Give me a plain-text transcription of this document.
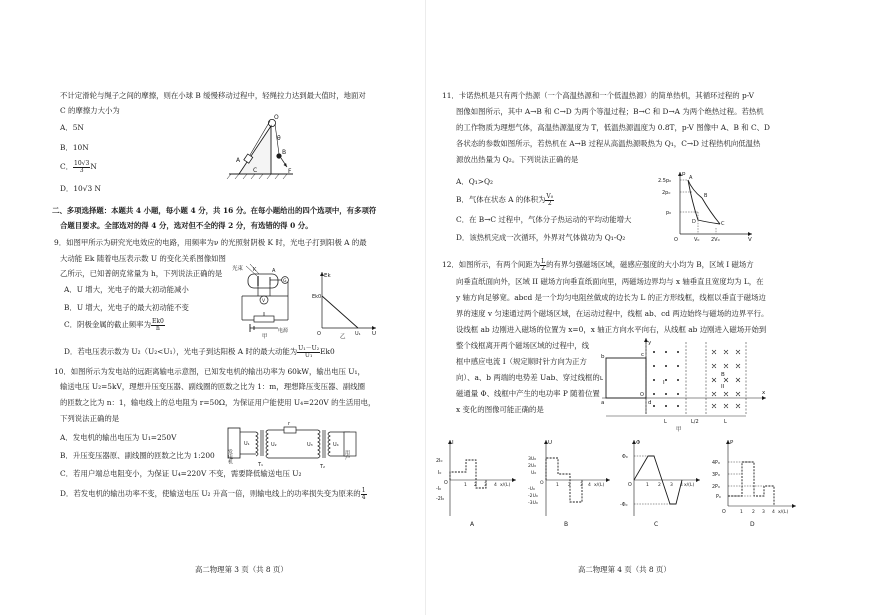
不计定滑轮与绳子之间的摩擦，则在小球 B 缓慢移动过程中，轻绳拉力达到最大值时，地面对
C 的摩擦力大小为
A．5N
B．10N
C． $\frac{10√3}{3}$ N
D．10√3 N
O
θ
B
F
A
C
二、多项选择题：本题共 4 小题，每小题 4 分，共 16 分。在每小题给出的四个选项中，有多项符
合题目要求。全部选对的得 4 分，选对但不全的得 2 分，有选错的得 0 分。
9．如图甲所示为研究光电效应的电路，用频率为ν 的光照射阴极 K 时，光电子打到阳极 A 的最
大动能 Ek 随着电压表示数 U 的变化关系图像如图
乙所示，已知普朗克常量为 h，下列说法正确的是
A．U 增大，光电子的最大初动能减小
B．U 增大，光电子的最大初动能不变
C．阴极金属的截止频率为 $\frac{Ek0}{h}$
D．若电压表示数为 U₂（U₂<U₁），光电子到达阳极 A 时的最大动能为 $\frac{\text{U₁－U₂}}{\text{U₁}} Ek0$
光束 K	A
V
G
电源
甲
Ek
Ek0
O	U₁ U
乙
10．如图所示为发电站的远距离输电示意图，已知发电机的输出功率为 60kW，输出电压 U₁，
输送电压 U₂=5kV，理想升压变压器、副线圈的匝数之比为 1：m，理想降压变压器、副线圈
的匝数之比为 n：1，输电线上的总电阻为 r=50Ω，为保证用户能使用 U₄=220V 的生活用电，
下列说法正确的是
A．发电机的输出电压为 U₁=250V
B．升压变压器原、副线圈的匝数之比为 1:200
C．若用户端总电阻变小，为保证 U₄=220V 不变，需要降低输送电压 U₂
D．若发电机的输出功率不变，使输送电压 U₂ 升高一倍，则输电线上的功率损失变为原来的 $\frac{1}{4}$
发电机
U₁
T₁
r
U₂	U₃	U₄
T₂
用户
高二物理第 3 页（共 8 页）
11．卡诺热机是只有两个热源（一个高温热源和一个低温热源）的简单热机，其循环过程的 p-V
图像如图所示，其中 A→B 和 C→D 为两个等温过程；B→C 和 D→A 为两个绝热过程。若热机
的工作物质为理想气体，高温热源温度为 T，低温热源温度为 0.8T，p-V 图像中 A、B 和 C、D
各状态的参数如图所示，若热机在 A→B 过程从高温热源吸热为 Q₁，C→D 过程热机向低温热
源放出热量为 Q₂。下列说法正确的是
A．Q₁>Q₂
B．气体在状态 A 的体积为 $\frac{\text{V₀}}{2}$
C．在 B→C 过程中，气体分子热运动的平均动能增大
D．该热机完成一次循环，外界对气体做功为 Q₁-Q₂
2.5p₀
2p₀
p₀
p
A
B
C
D
O	V₀ 2V₀	V
12．如图所示，有两个间距为 $\frac{L}{2}$ 的有界匀强磁场区域，磁感应强度的大小均为 B，区域 I 磁场方
向垂直纸面向外，区域 II 磁场方向垂直纸面向里，两磁场边界均与 x 轴垂直且宽度均为 L，在
y 轴方向足够宽。abcd 是一个均匀电阻丝做成的边长为 L 的正方形线框，线框以垂直于磁场边
界的速度 v 匀速通过两个磁场区域，在运动过程中，线框 ab、cd 两边始终与磁场的边界平行。
设线框 ab 边刚进入磁场的位置为 x=0，x 轴正方向水平向右，从线框 ab 边刚进入磁场开始到
整个线框离开两个磁场区域的过程中，线
框中感应电流 I（规定顺时针方向为正方
向）、a、b 两端的电势差 Uab、穿过线框的
磁通量 Φ、线框中产生的电功率 P 随着位置
x 变化的图像可能正确的是
y
b	c
a	d
L
I
II
B
O	x
L	L/2	L
甲
I
2I₀
I₀
O
-I₀
-2I₀
1 2 3 4 x/(L)
A
U
3U₀
2U₀
U₀
O
-U₀
-2U₀
-3U₀
1 2 3 4 x/(L)
B
Φ
Φ₀
O
-Φ₀
1 2 3 4 x/(L)
C
P
4P₀
3P₀
2P₀
P₀
O	1 2 3 4 x/(L)
D
高二物理第 4 页（共 8 页）
